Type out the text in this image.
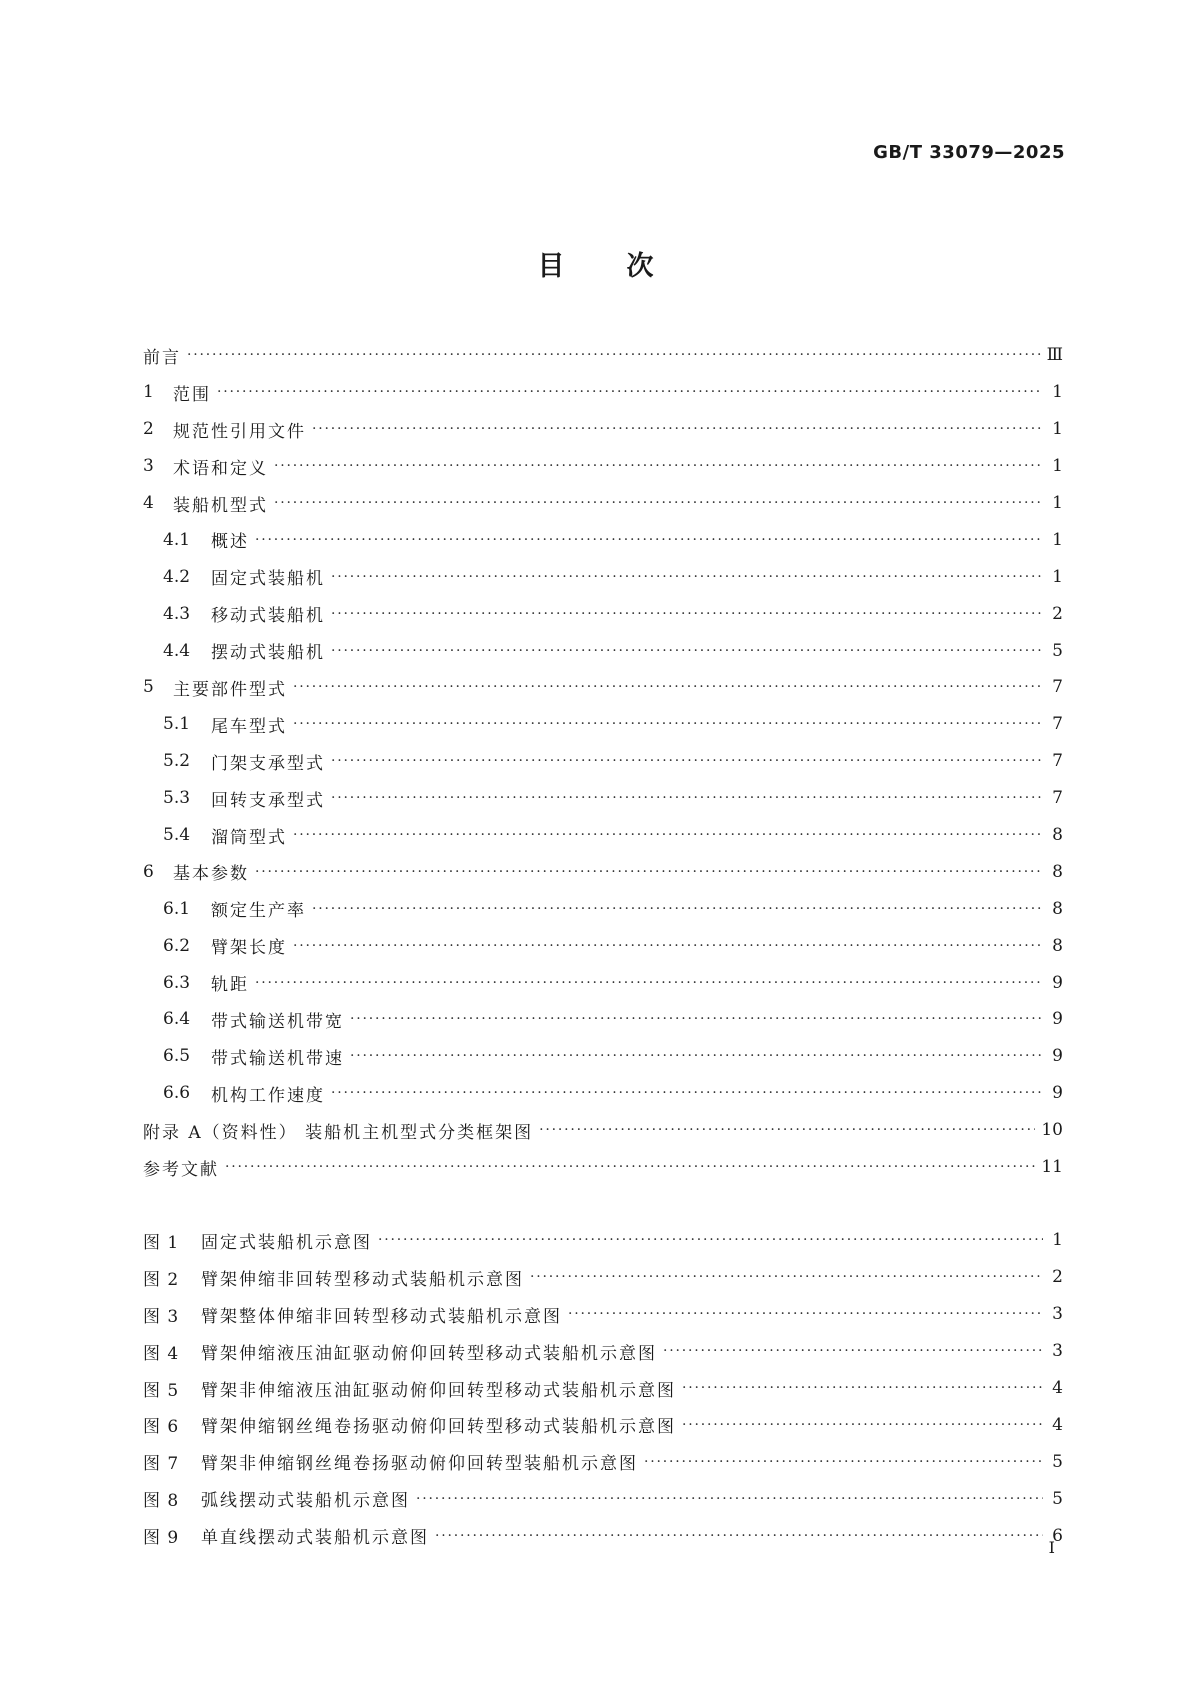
GB/T 33079—2025
目次
前言 ·····	Ⅲ
1	范围 ·····	1
2	规范性引用文件 ·····	1
3	术语和定义 ·····	1
4	装船机型式 ·····	1
4.1	概述 ·····	1
4.2	固定式装船机 ·····	1
4.3	移动式装船机 ·····	2
4.4	摆动式装船机 ·····	5
5	主要部件型式 ·····	7
5.1	尾车型式 ·····	7
5.2	门架支承型式 ·····	7
5.3	回转支承型式 ·····	7
5.4	溜筒型式 ·····	8
6	基本参数 ·····	8
6.1	额定生产率 ·····	8
6.2	臂架长度 ·····	8
6.3	轨距 ·····	9
6.4	带式输送机带宽 ·····	9
6.5	带式输送机带速 ·····	9
6.6	机构工作速度 ·····	9
附录 A（资料性） 装船机主机型式分类框架图 ·····	10
参考文献 ·····	11
图 1	固定式装船机示意图 ·····	1
图 2	臂架伸缩非回转型移动式装船机示意图 ·····	2
图 3	臂架整体伸缩非回转型移动式装船机示意图 ·····	3
图 4	臂架伸缩液压油缸驱动俯仰回转型移动式装船机示意图 ·····	3
图 5	臂架非伸缩液压油缸驱动俯仰回转型移动式装船机示意图 ·····	4
图 6	臂架伸缩钢丝绳卷扬驱动俯仰回转型移动式装船机示意图 ·····	4
图 7	臂架非伸缩钢丝绳卷扬驱动俯仰回转型装船机示意图 ·····	5
图 8	弧线摆动式装船机示意图 ·····	5
图 9	单直线摆动式装船机示意图 ·····	6
I
